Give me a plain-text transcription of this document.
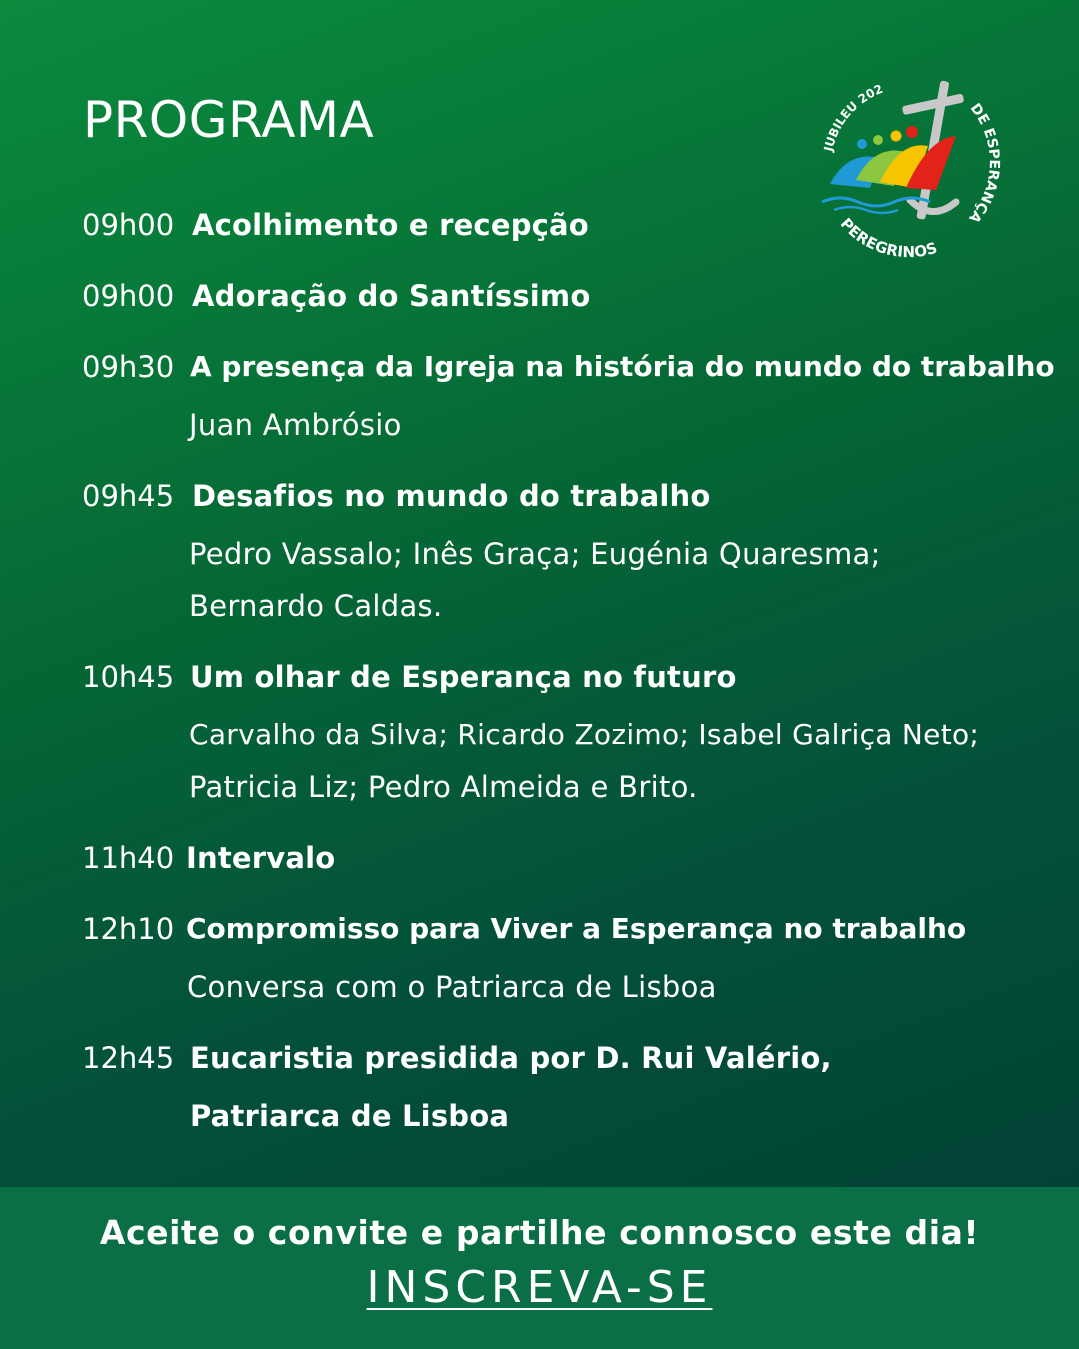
PROGRAMA	JUBILEU 202
DE ESPERANÇA
PEREGRINOS
09h00 Acolhimento e recepção
09h00 Adoração do Santíssimo
09h30 A presença da Igreja na história do mundo do trabalho
Juan Ambrósio
09h45 Desafios no mundo do trabalho
Pedro Vassalo; Inês Graça; Eugénia Quaresma;
Bernardo Caldas.
10h45 Um olhar de Esperança no futuro
Carvalho da Silva; Ricardo Zozimo; Isabel Galriça Neto;
Patricia Liz; Pedro Almeida e Brito.
11h40 Intervalo
12h10 Compromisso para Viver a Esperança no trabalho
Conversa com o Patriarca de Lisboa
12h45 Eucaristia presidida por D. Rui Valério,
Patriarca de Lisboa
Aceite o convite e partilhe connosco este dia!
INSCREVA-SE
